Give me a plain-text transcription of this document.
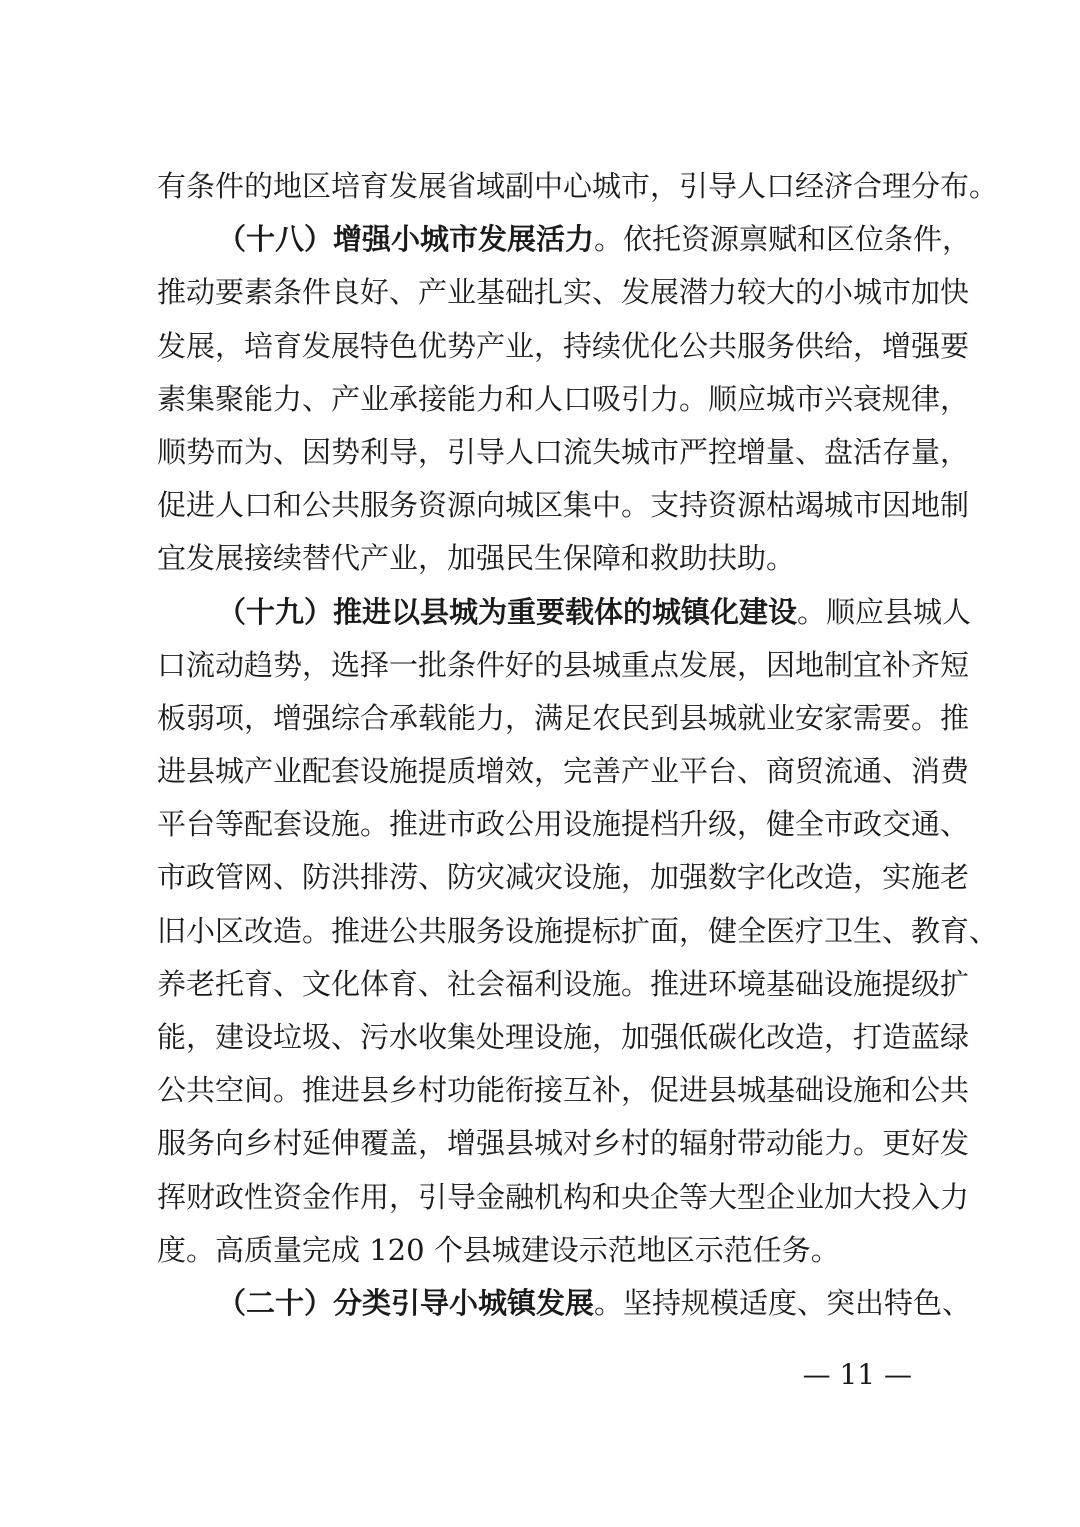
有条件的地区培育发展省域副中心城市，引导人口经济合理分布。
（十八）增强小城市发展活力。依托资源禀赋和区位条件，
推动要素条件良好、产业基础扎实、发展潜力较大的小城市加快
发展，培育发展特色优势产业，持续优化公共服务供给，增强要
素集聚能力、产业承接能力和人口吸引力。顺应城市兴衰规律，
顺势而为、因势利导，引导人口流失城市严控增量、盘活存量，
促进人口和公共服务资源向城区集中。支持资源枯竭城市因地制
宜发展接续替代产业，加强民生保障和救助扶助。
（十九）推进以县城为重要载体的城镇化建设。顺应县城人
口流动趋势，选择一批条件好的县城重点发展，因地制宜补齐短
板弱项，增强综合承载能力，满足农民到县城就业安家需要。推
进县城产业配套设施提质增效，完善产业平台、商贸流通、消费
平台等配套设施。推进市政公用设施提档升级，健全市政交通、
市政管网、防洪排涝、防灾减灾设施，加强数字化改造，实施老
旧小区改造。推进公共服务设施提标扩面，健全医疗卫生、教育、
养老托育、文化体育、社会福利设施。推进环境基础设施提级扩
能，建设垃圾、污水收集处理设施，加强低碳化改造，打造蓝绿
公共空间。推进县乡村功能衔接互补，促进县城基础设施和公共
服务向乡村延伸覆盖，增强县城对乡村的辐射带动能力。更好发
挥财政性资金作用，引导金融机构和央企等大型企业加大投入力
度。高质量完成 120 个县城建设示范地区示范任务。
（二十）分类引导小城镇发展。坚持规模适度、突出特色、
— 11 —
